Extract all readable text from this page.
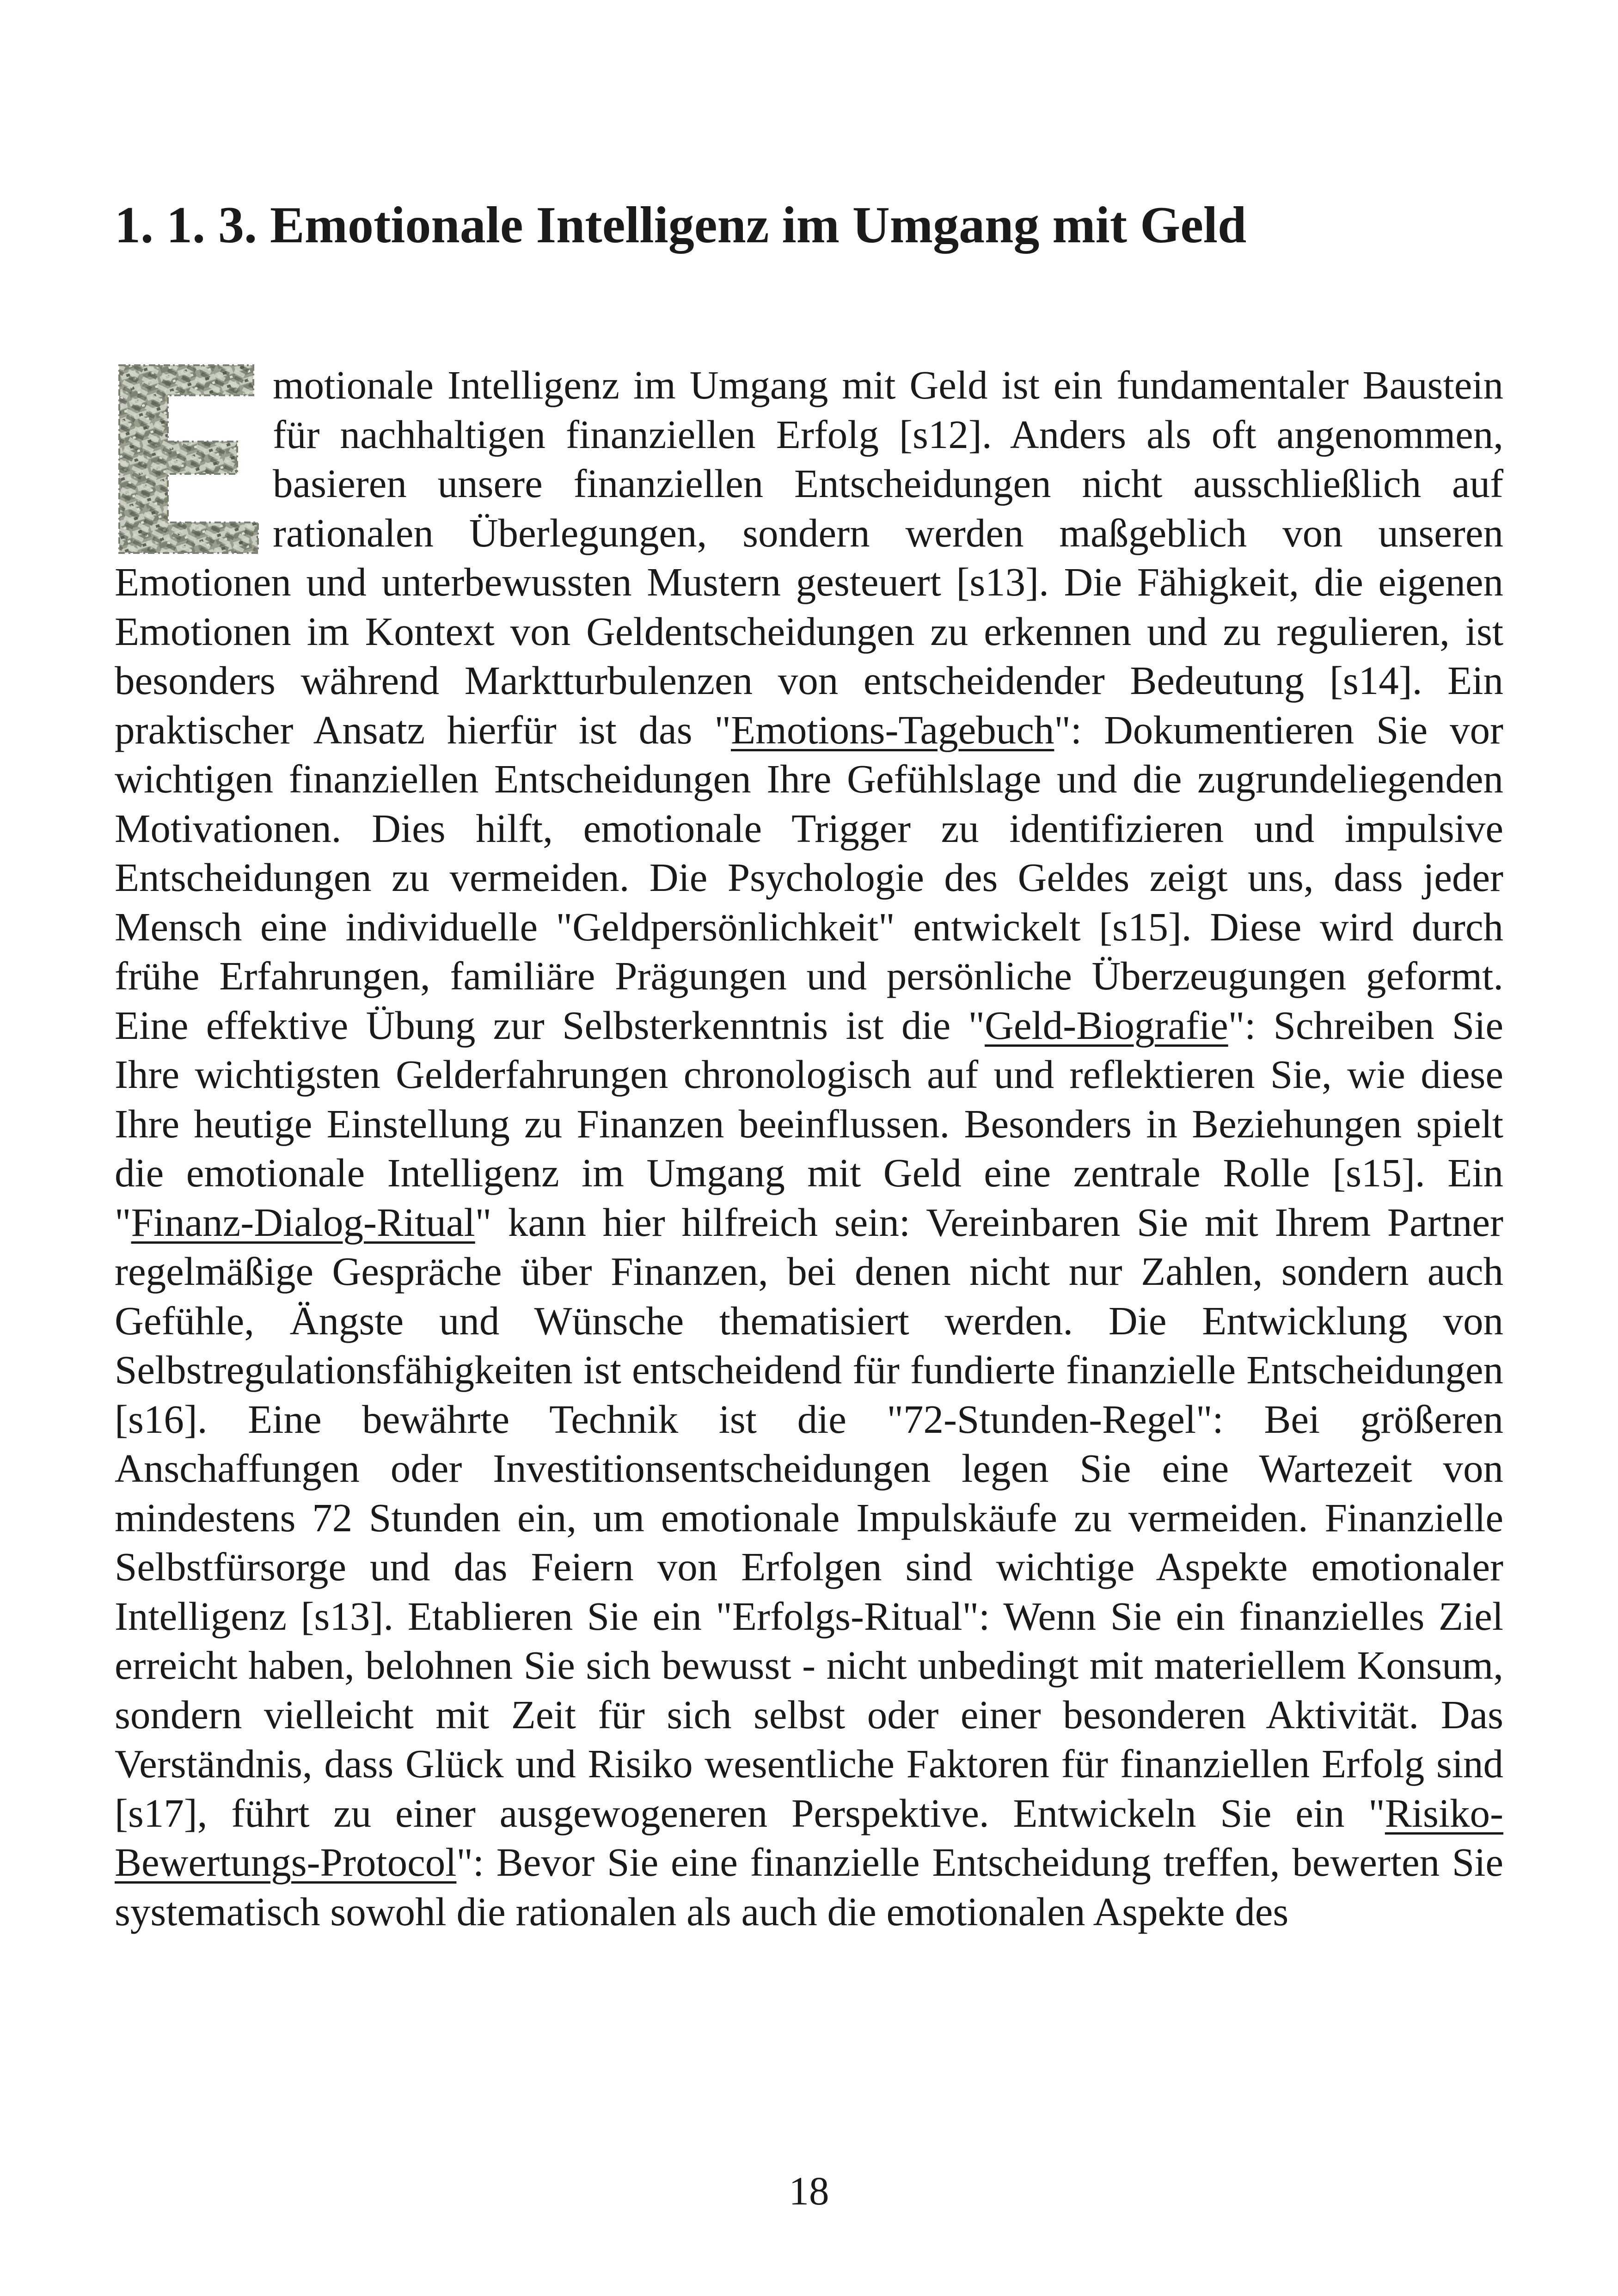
1. 1. 3. Emotionale Intelligenz im Umgang mit Geld
motionale Intelligenz im Umgang mit Geld ist ein fundamentaler Baustein für nachhaltigen finanziellen Erfolg [s12]. Anders als oft angenommen, basieren unsere finanziellen Entscheidungen nicht ausschließlich auf rationalen Überlegungen, sondern werden maßgeblich von unseren Emotionen und unterbewussten Mustern gesteuert [s13]. Die Fähigkeit, die eigenen Emotionen im Kontext von Geldentscheidungen zu erkennen und zu regulieren, ist besonders während Marktturbulenzen von entscheidender Bedeutung [s14]. Ein praktischer Ansatz hierfür ist das "Emotions-Tagebuch": Dokumentieren Sie vor wichtigen finanziellen Entscheidungen Ihre Gefühlslage und die zugrundeliegenden Motivationen. Dies hilft, emotionale Trigger zu identifizieren und impulsive Entscheidungen zu vermeiden. Die Psychologie des Geldes zeigt uns, dass jeder Mensch eine individuelle "Geldpersönlichkeit" entwickelt [s15]. Diese wird durch frühe Erfahrungen, familiäre Prägungen und persönliche Überzeugungen geformt. Eine effektive Übung zur Selbsterkenntnis ist die "Geld-Biografie": Schreiben Sie Ihre wichtigsten Gelderfahrungen chronologisch auf und reflektieren Sie, wie diese Ihre heutige Einstellung zu Finanzen beeinflussen. Besonders in Beziehungen spielt die emotionale Intelligenz im Umgang mit Geld eine zentrale Rolle [s15]. Ein "Finanz-Dialog-Ritual" kann hier hilfreich sein: Vereinbaren Sie mit Ihrem Partner regelmäßige Gespräche über Finanzen, bei denen nicht nur Zahlen, sondern auch Gefühle, Ängste und Wünsche thematisiert werden. Die Entwicklung von Selbstregulationsfähigkeiten ist entscheidend für fundierte finanzielle Entscheidungen [s16]. Eine bewährte Technik ist die "72-Stunden-Regel": Bei größeren Anschaffungen oder Investitionsentscheidungen legen Sie eine Wartezeit von mindestens 72 Stunden ein, um emotionale Impulskäufe zu vermeiden. Finanzielle Selbstfürsorge und das Feiern von Erfolgen sind wichtige Aspekte emotionaler Intelligenz [s13]. Etablieren Sie ein "Erfolgs-Ritual": Wenn Sie ein finanzielles Ziel erreicht haben, belohnen Sie sich bewusst - nicht unbedingt mit materiellem Konsum, sondern vielleicht mit Zeit für sich selbst oder einer besonderen Aktivität. Das Verständnis, dass Glück und Risiko wesentliche Faktoren für finanziellen Erfolg sind [s17], führt zu einer ausgewogeneren Perspektive. Entwickeln Sie ein "Risiko-Bewertungs-Protocol": Bevor Sie eine finanzielle Entscheidung treffen, bewerten Sie systematisch sowohl die rationalen als auch die emotionalen Aspekte des
18
